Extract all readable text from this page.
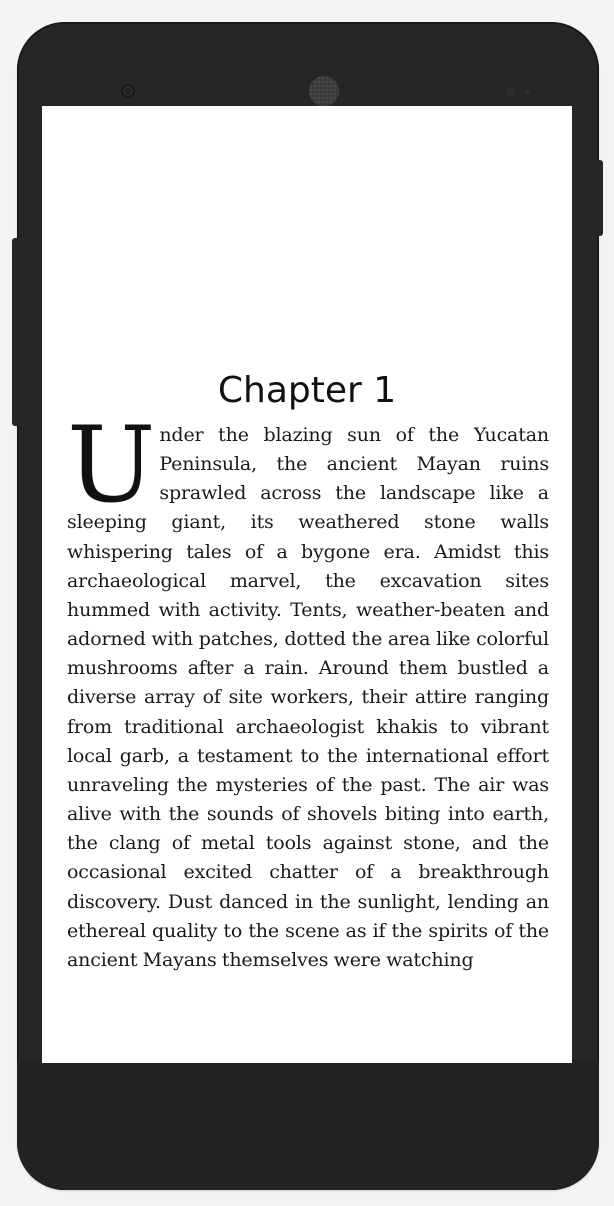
Chapter 1

Under the blazing sun of the Yucatan Peninsula, the ancient Mayan ruins sprawled across the landscape like a sleeping giant, its weathered stone walls whispering tales of a bygone era. Amidst this archaeological marvel, the excavation sites hummed with activity. Tents, weather-beaten and adorned with patches, dotted the area like colorful mushrooms after a rain. Around them bustled a diverse array of site workers, their attire ranging from traditional archaeologist khakis to vibrant local garb, a testament to the international effort unraveling the mysteries of the past. The air was alive with the sounds of shovels biting into earth, the clang of metal tools against stone, and the occasional excited chatter of a breakthrough discovery. Dust danced in the sunlight, lending an ethereal quality to the scene as if the spirits of the ancient Mayans themselves were watching
